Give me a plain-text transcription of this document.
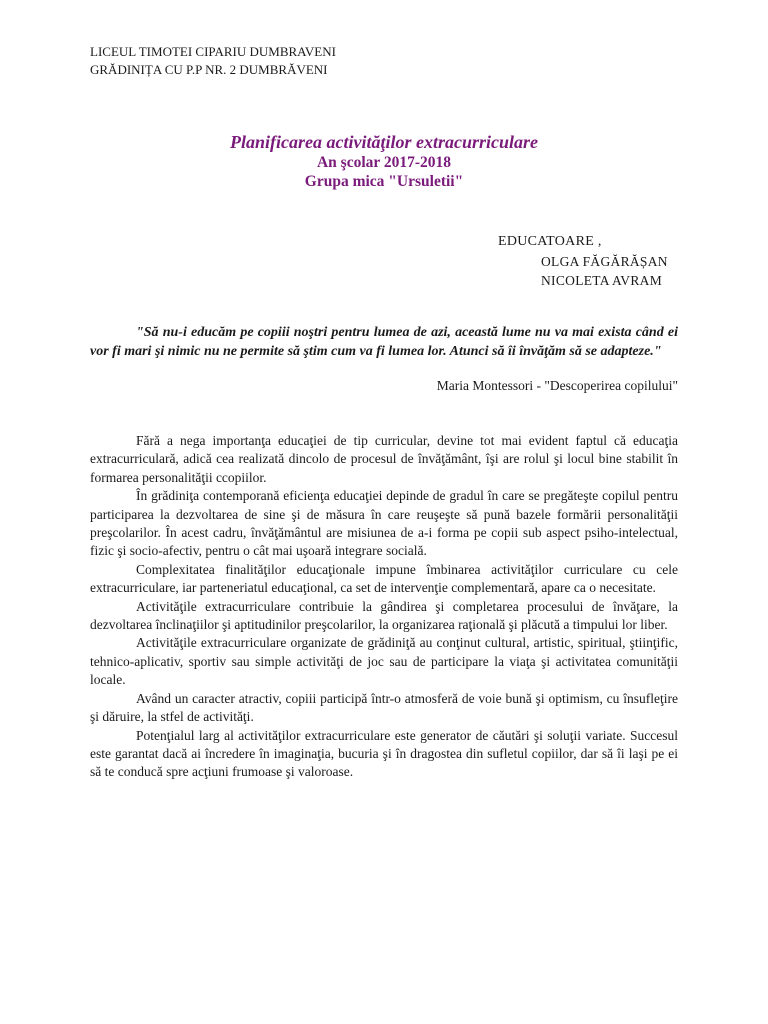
LICEUL TIMOTEI CIPARIU DUMBRAVENI
GRĂDINIȚA CU P.P NR. 2 DUMBRĂVENI
Planificarea activităţilor extracurriculare
An şcolar 2017-2018
Grupa mica "Ursuletii"
EDUCATOARE ,
OLGA FĂGĂRĂȘAN
NICOLETA AVRAM
"Să nu-i educăm pe copiii noştri pentru lumea de azi, această lume nu va mai exista când ei vor fi mari şi nimic nu ne permite să ştim cum va fi lumea lor. Atunci să îi învăţăm să se adapteze."
Maria Montessori - "Descoperirea copilului"

Fără a nega importanţa educaţiei de tip curricular, devine tot mai evident faptul că educaţia extracurriculară, adică cea realizată dincolo de procesul de învăţământ, îşi are rolul şi locul bine stabilit în formarea personalităţii ccopiilor.

În grădiniţa contemporană eficienţa educaţiei depinde de gradul în care se pregăteşte copilul pentru participarea la dezvoltarea de sine şi de măsura în care reuşeşte să pună bazele formării personalităţii preşcolarilor. În acest cadru, învăţământul are misiunea de a-i forma pe copii sub aspect psiho-intelectual, fizic şi socio-afectiv, pentru o cât mai uşoară integrare socială.

Complexitatea finalităţilor educaţionale impune îmbinarea activităţilor curriculare cu cele extracurriculare, iar parteneriatul educaţional, ca set de intervenţie complementară, apare ca o necesitate.

Activităţile extracurriculare contribuie la gândirea şi completarea procesului de învăţare, la dezvoltarea înclinaţiilor şi aptitudinilor preşcolarilor, la organizarea raţională şi plăcută a timpului lor liber.

Activităţile extracurriculare organizate de grădiniţă au conţinut cultural, artistic, spiritual, ştiinţific, tehnico-aplicativ, sportiv sau simple activităţi de joc sau de participare la viaţa şi activitatea comunităţii locale.

Având un caracter atractiv, copiii participă într-o atmosferă de voie bună şi optimism, cu însufleţire şi dăruire, la stfel de activităţi.

Potenţialul larg al activităţilor extracurriculare este generator de căutări şi soluţii variate. Succesul este garantat dacă ai încredere în imaginaţia, bucuria şi în dragostea din sufletul copiilor, dar să îi laşi pe ei să te conducă spre acţiuni frumoase şi valoroase.
